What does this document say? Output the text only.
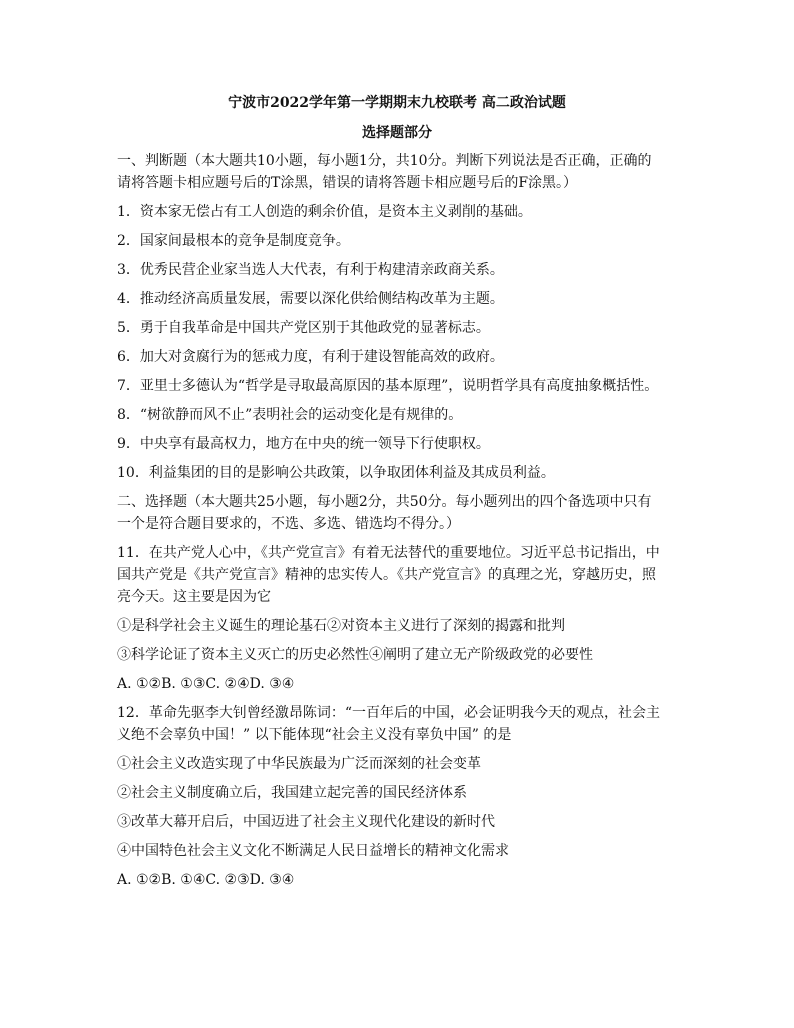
宁波市2022学年第一学期期末九校联考 高二政治试题
选择题部分
一、判断题（本大题共10小题，每小题1分，共10分。判断下列说法是否正确，正确的
请将答题卡相应题号后的T涂黑，错误的请将答题卡相应题号后的F涂黑。）
1．资本家无偿占有工人创造的剩余价值，是资本主义剥削的基础。
2．国家间最根本的竞争是制度竞争。
3．优秀民营企业家当选人大代表，有利于构建清亲政商关系。
4．推动经济高质量发展，需要以深化供给侧结构改革为主题。
5．勇于自我革命是中国共产党区别于其他政党的显著标志。
6．加大对贪腐行为的惩戒力度，有利于建设智能高效的政府。
7．亚里士多德认为“哲学是寻取最高原因的基本原理”，说明哲学具有高度抽象概括性。
8．“树欲静而风不止”表明社会的运动变化是有规律的。
9．中央享有最高权力，地方在中央的统一领导下行使职权。
10．利益集团的目的是影响公共政策，以争取团体利益及其成员利益。
二、选择题（本大题共25小题，每小题2分，共50分。每小题列出的四个备选项中只有
一个是符合题目要求的，不选、多选、错选均不得分。）
11．在共产党人心中，《共产党宣言》有着无法替代的重要地位。习近平总书记指出，中
国共产党是《共产党宣言》精神的忠实传人。《共产党宣言》的真理之光，穿越历史，照
亮今天。这主要是因为它
①是科学社会主义诞生的理论基石②对资本主义进行了深刻的揭露和批判
③科学论证了资本主义灭亡的历史必然性④阐明了建立无产阶级政党的必要性
A. ①②B. ①③C. ②④D. ③④
12．革命先驱李大钊曾经激昂陈词：“一百年后的中国，必会证明我今天的观点，社会主
义绝不会辜负中国！” 以下能体现“社会主义没有辜负中国” 的是
①社会主义改造实现了中华民族最为广泛而深刻的社会变革
②社会主义制度确立后，我国建立起完善的国民经济体系
③改革大幕开启后，中国迈进了社会主义现代化建设的新时代
④中国特色社会主义文化不断满足人民日益增长的精神文化需求
A. ①②B. ①④C. ②③D. ③④
